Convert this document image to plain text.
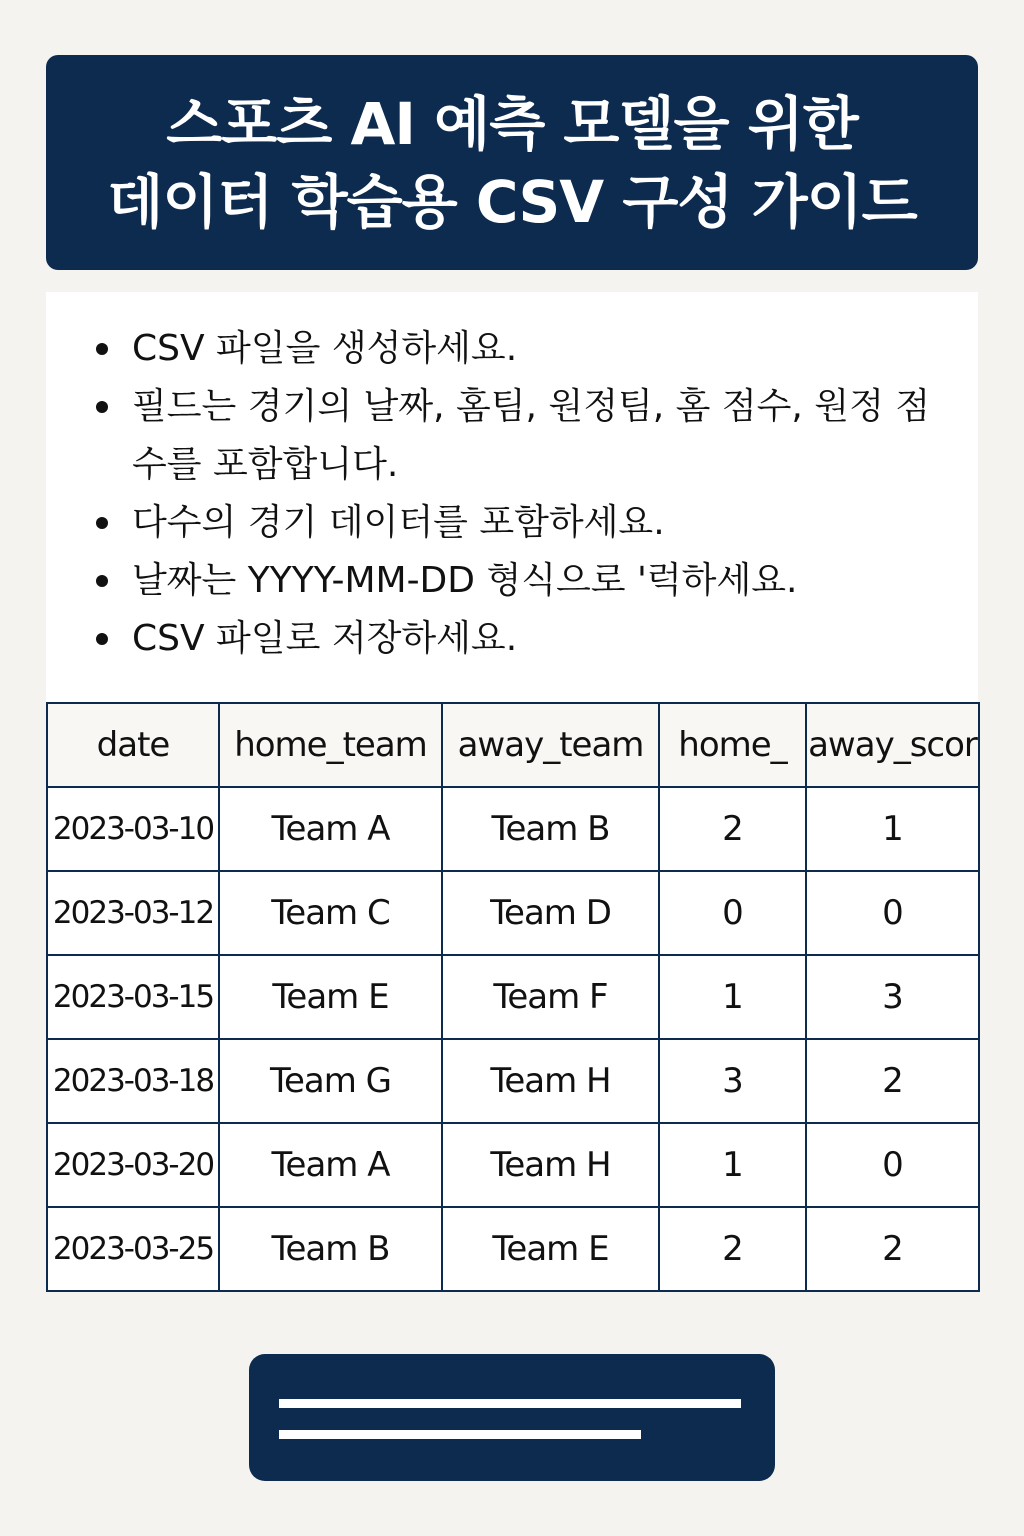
스포츠 AI 예측 모델을 위한
데이터 학습용 CSV 구성 가이드
CSV 파일을 생성하세요.
필드는 경기의 날짜, 홈팀, 원정팀, 홈 점수, 원정 점수를 포함합니다.
다수의 경기 데이터를 포함하세요.
날짜는 YYYY-MM-DD 형식으로 '럭하세요.
CSV 파일로 저장하세요.
date	home_team	away_team	home_	away_scor
2023-03-10	Team A	Team B	2	1
2023-03-12	Team C	Team D	0	0
2023-03-15	Team E	Team F	1	3
2023-03-18	Team G	Team H	3	2
2023-03-20	Team A	Team H	1	0
2023-03-25	Team B	Team E	2	2
